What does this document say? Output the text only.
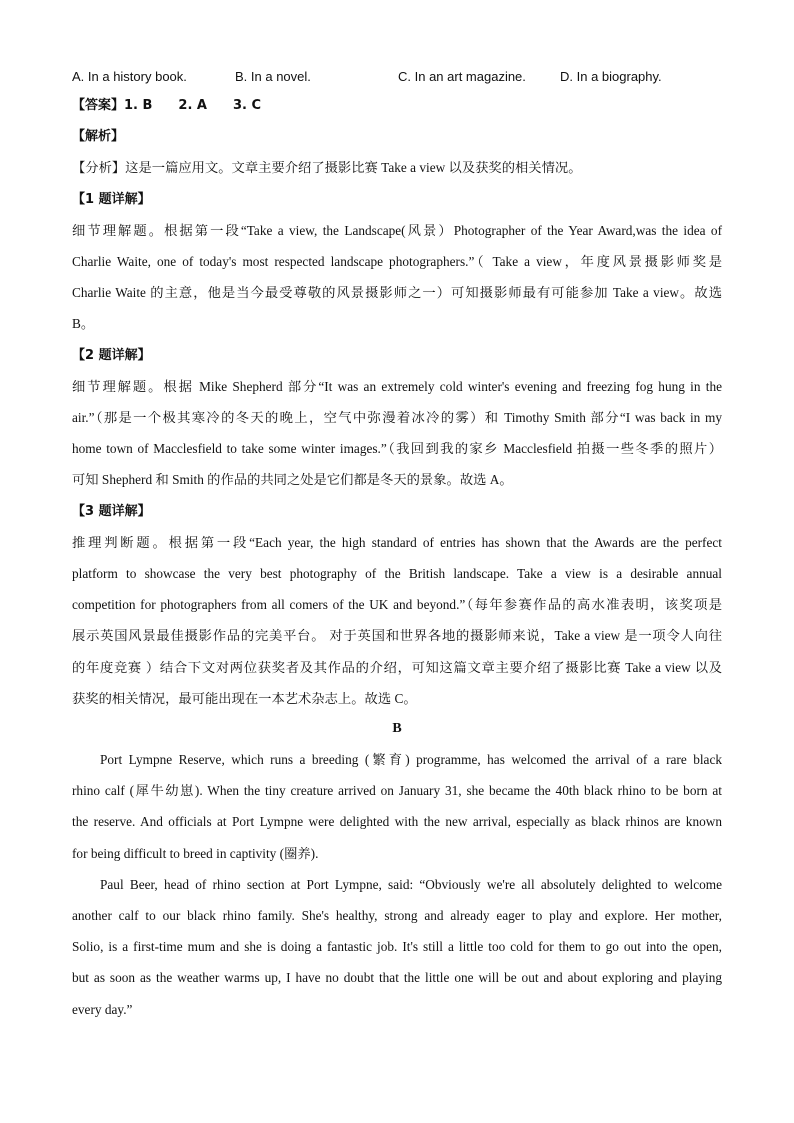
A. In a history book.	B. In a novel.	C. In an art magazine.	D. In a biography.
【答案】1. B　　2. A　　3. C
【解析】
【分析】这是一篇应用文。文章主要介绍了摄影比赛 Take a view 以及获奖的相关情况。
【1 题详解】
细节理解题。根据第一段“Take a view, the Landscape(风景）Photographer of the Year Award,was the idea of
Charlie Waite, one of today's most respected landscape photographers.”（ Take a view，年度风景摄影师奖是
Charlie Waite 的主意，他是当今最受尊敬的风景摄影师之一）可知摄影师最有可能参加 Take a view。故选
B。
【2 题详解】
细节理解题。根据 Mike Shepherd 部分“It was an extremely cold winter's evening and freezing fog hung in the
air.”（那是一个极其寒冷的冬天的晚上，空气中弥漫着冰冷的雾）和 Timothy Smith 部分“I was back in my
home town of Macclesfield to take some winter images.”（我回到我的家乡 Macclesfield 拍摄一些冬季的照片）
可知 Shepherd 和 Smith 的作品的共同之处是它们都是冬天的景象。故选 A。
【3 题详解】
推理判断题。根据第一段“Each year, the high standard of entries has shown that the Awards are the perfect
platform to showcase the very best photography of the British landscape. Take a view is a desirable annual
competition for photographers from all comers of the UK and beyond.”（每年参赛作品的高水准表明，该奖项是
展示英国风景最佳摄影作品的完美平台。 对于英国和世界各地的摄影师来说，Take a view 是一项令人向往
的年度竞赛 ）结合下文对两位获奖者及其作品的介绍，可知这篇文章主要介绍了摄影比赛 Take a view 以及
获奖的相关情况，最可能出现在一本艺术杂志上。故选 C。
B
Port Lympne Reserve, which runs a breeding (繁育) programme, has welcomed the arrival of a rare black
rhino calf (犀牛幼崽). When the tiny creature arrived on January 31, she became the 40th black rhino to be born at
the reserve. And officials at Port Lympne were delighted with the new arrival, especially as black rhinos are known
for being difficult to breed in captivity (圈养).
Paul Beer, head of rhino section at Port Lympne, said: “Obviously we're all absolutely delighted to welcome
another calf to our black rhino family. She's healthy, strong and already eager to play and explore. Her mother,
Solio, is a first-time mum and she is doing a fantastic job. It's still a little too cold for them to go out into the open,
but as soon as the weather warms up, I have no doubt that the little one will be out and about exploring and playing
every day.”
